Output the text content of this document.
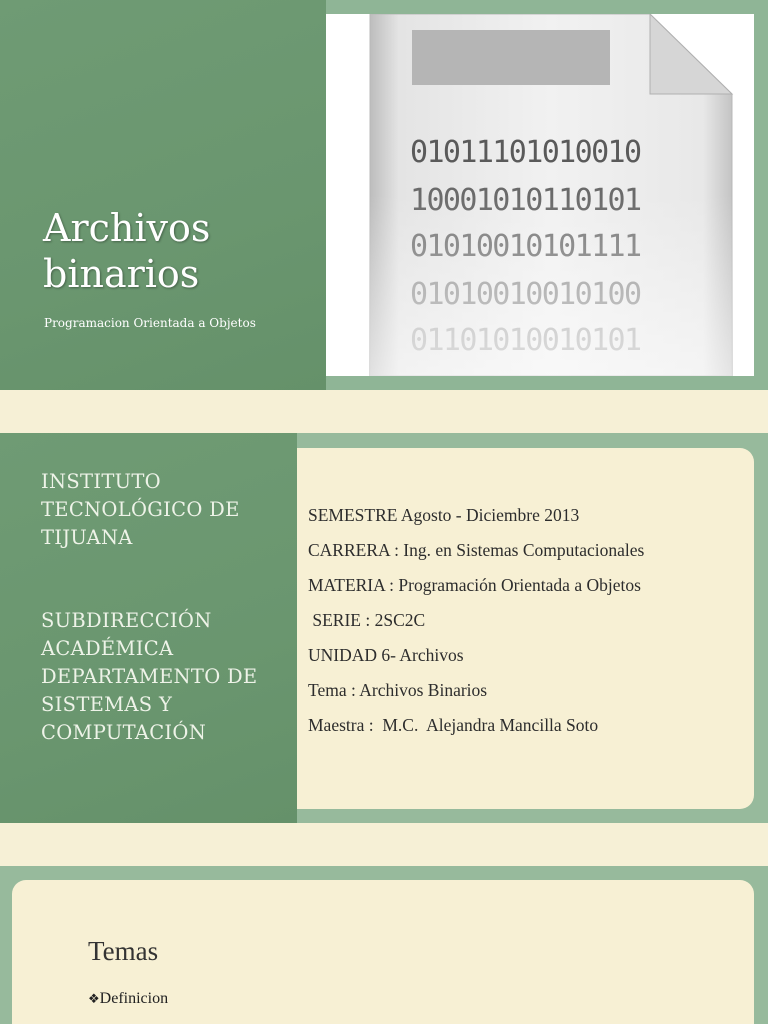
01011101010010
Archivos
binarios

Programacion Orientada a Objetos

INSTITUTO
TECNOLÓGICO DE
TIJUANA
SUBDIRECCIÓN
ACADÉMICA
DEPARTAMENTO DE
SISTEMAS Y
COMPUTACIÓN
SEMESTRE Agosto - Diciembre 2013
CARRERA : Ing. en Sistemas Computacionales
MATERIA : Programación Orientada a Objetos
SERIE : 2SC2C
UNIDAD 6- Archivos
Tema : Archivos Binarios
Maestra :  M.C.  Alejandra Mancilla Soto
Temas
❖Definicion
